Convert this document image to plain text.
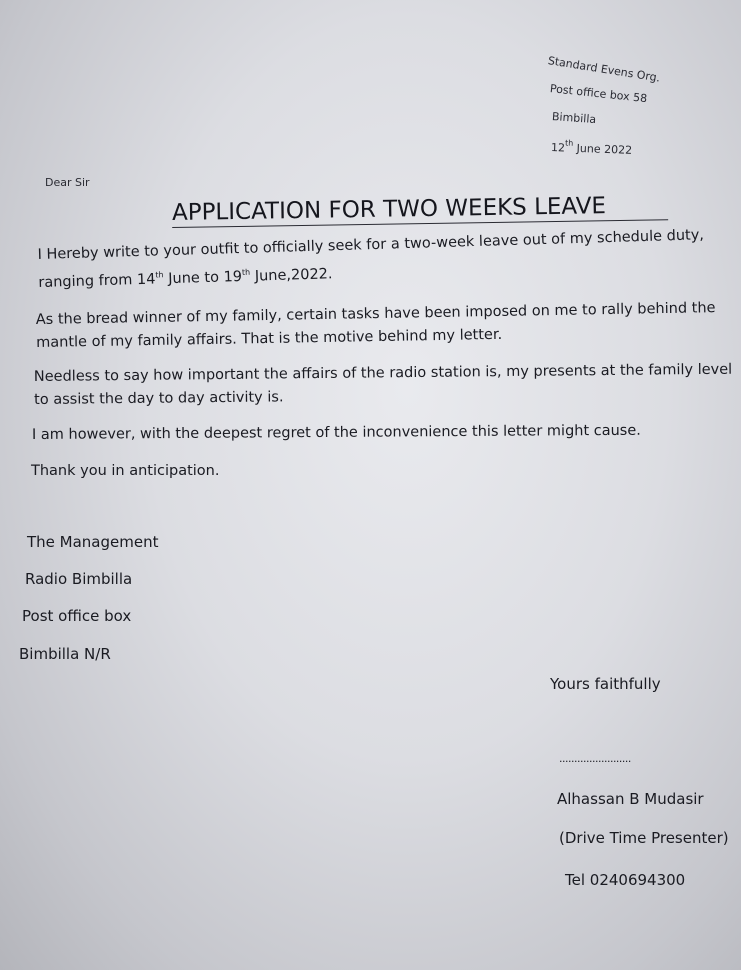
Standard Evens Org.
Post office box 58
Bimbilla
12th June 2022
Dear Sir
APPLICATION FOR TWO WEEKS LEAVE
I Hereby write to your outfit to officially seek for a two-week leave out of my schedule duty,
ranging from 14th June to 19th June,2022.
As the bread winner of my family, certain tasks have been imposed on me to rally behind the
mantle of my family affairs. That is the motive behind my letter.
Needless to say how important the affairs of the radio station is, my presents at the family level
to assist the day to day activity is.
I am however, with the deepest regret of the inconvenience this letter might cause.
Thank you in anticipation.
The Management
Radio Bimbilla
Post office box
Bimbilla N/R
Yours faithfully
........................
Alhassan B Mudasir
(Drive Time Presenter)
Tel 0240694300
